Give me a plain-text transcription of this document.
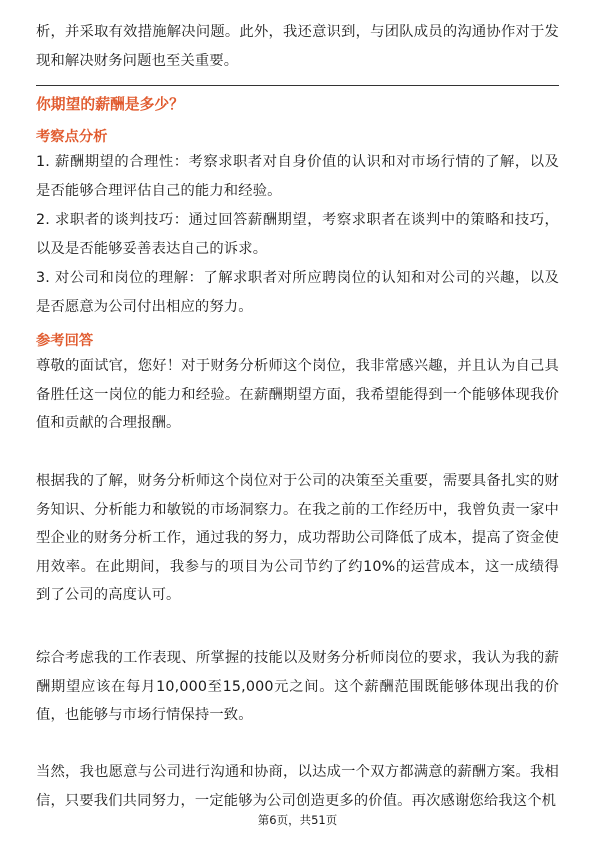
析，并采取有效措施解决问题。此外，我还意识到，与团队成员的沟通协作对于发现和解决财务问题也至关重要。

你期望的薪酬是多少？
考察点分析

1. 薪酬期望的合理性：考察求职者对自身价值的认识和对市场行情的了解，以及是否能够合理评估自己的能力和经验。

2. 求职者的谈判技巧：通过回答薪酬期望，考察求职者在谈判中的策略和技巧，以及是否能够妥善表达自己的诉求。

3. 对公司和岗位的理解：了解求职者对所应聘岗位的认知和对公司的兴趣，以及是否愿意为公司付出相应的努力。

参考回答

尊敬的面试官，您好！对于财务分析师这个岗位，我非常感兴趣，并且认为自己具备胜任这一岗位的能力和经验。在薪酬期望方面，我希望能得到一个能够体现我价值和贡献的合理报酬。

根据我的了解，财务分析师这个岗位对于公司的决策至关重要，需要具备扎实的财务知识、分析能力和敏锐的市场洞察力。在我之前的工作经历中，我曾负责一家中型企业的财务分析工作，通过我的努力，成功帮助公司降低了成本，提高了资金使用效率。在此期间，我参与的项目为公司节约了约10%的运营成本，这一成绩得到了公司的高度认可。

综合考虑我的工作表现、所掌握的技能以及财务分析师岗位的要求，我认为我的薪酬期望应该在每月10,000至15,000元之间。这个薪酬范围既能够体现出我的价值，也能够与市场行情保持一致。

当然，我也愿意与公司进行沟通和协商，以达成一个双方都满意的薪酬方案。我相信，只要我们共同努力，一定能够为公司创造更多的价值。再次感谢您给我这个机

第6页，共51页
